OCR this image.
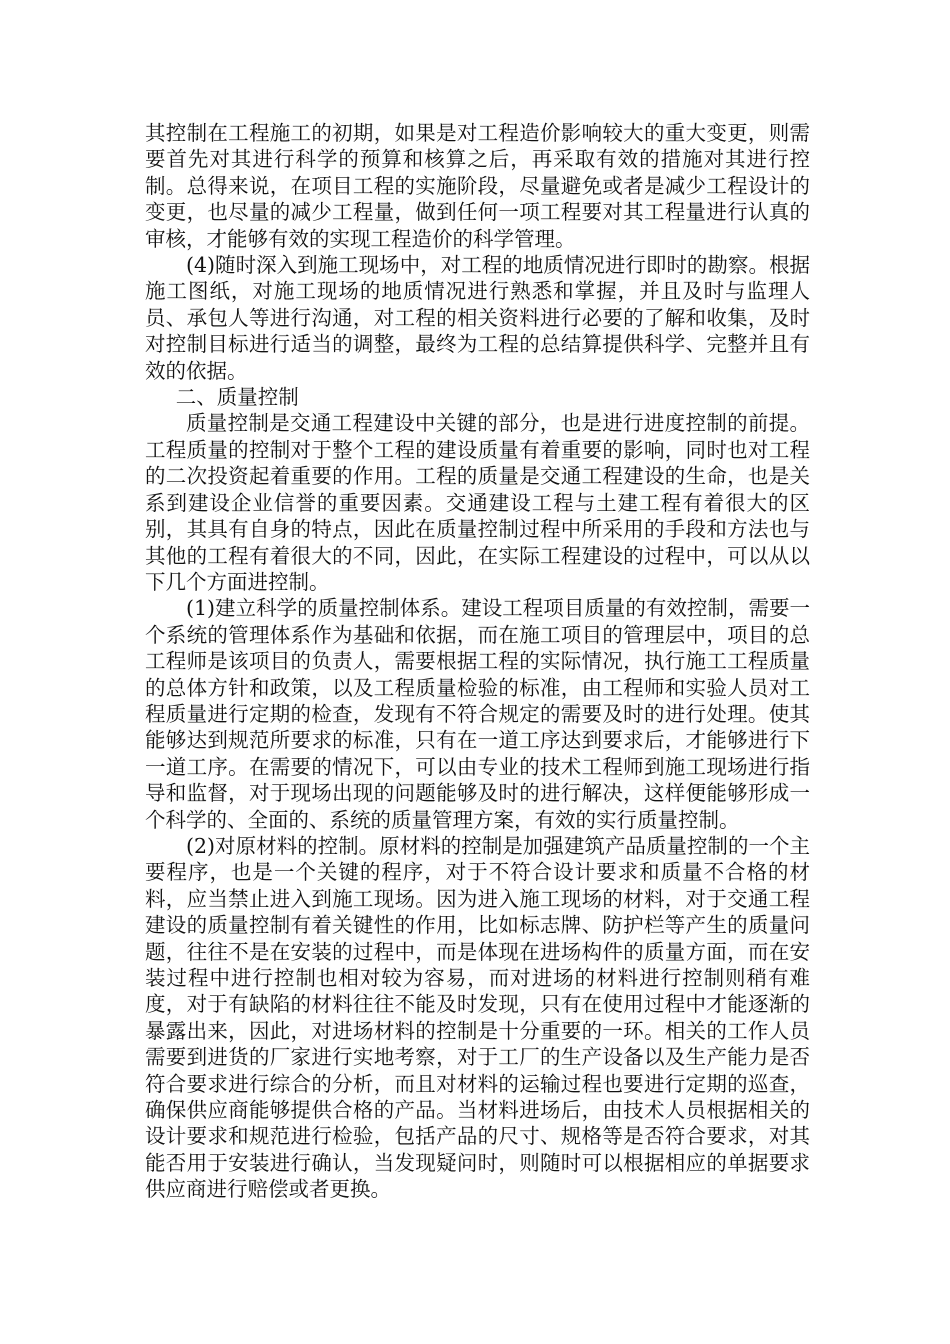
其控制在工程施工的初期，如果是对工程造价影响较大的重大变更，则需要首先对其进行科学的预算和核算之后，再采取有效的措施对其进行控制。总得来说，在项目工程的实施阶段，尽量避免或者是减少工程设计的变更，也尽量的减少工程量，做到任何一项工程要对其工程量进行认真的审核，才能够有效的实现工程造价的科学管理。

(4)随时深入到施工现场中，对工程的地质情况进行即时的勘察。根据施工图纸，对施工现场的地质情况进行熟悉和掌握，并且及时与监理人员、承包人等进行沟通，对工程的相关资料进行必要的了解和收集，及时对控制目标进行适当的调整，最终为工程的总结算提供科学、完整并且有效的依据。

二、质量控制

质量控制是交通工程建设中关键的部分，也是进行进度控制的前提。工程质量的控制对于整个工程的建设质量有着重要的影响，同时也对工程的二次投资起着重要的作用。工程的质量是交通工程建设的生命，也是关系到建设企业信誉的重要因素。交通建设工程与土建工程有着很大的区别，其具有自身的特点，因此在质量控制过程中所采用的手段和方法也与其他的工程有着很大的不同，因此，在实际工程建设的过程中，可以从以下几个方面进控制。

(1)建立科学的质量控制体系。建设工程项目质量的有效控制，需要一个系统的管理体系作为基础和依据，而在施工项目的管理层中，项目的总工程师是该项目的负责人，需要根据工程的实际情况，执行施工工程质量的总体方针和政策，以及工程质量检验的标准，由工程师和实验人员对工程质量进行定期的检查，发现有不符合规定的需要及时的进行处理。使其能够达到规范所要求的标准，只有在一道工序达到要求后，才能够进行下一道工序。在需要的情况下，可以由专业的技术工程师到施工现场进行指导和监督，对于现场出现的问题能够及时的进行解决，这样便能够形成一个科学的、全面的、系统的质量管理方案，有效的实行质量控制。

(2)对原材料的控制。原材料的控制是加强建筑产品质量控制的一个主要程序，也是一个关键的程序，对于不符合设计要求和质量不合格的材料，应当禁止进入到施工现场。因为进入施工现场的材料，对于交通工程建设的质量控制有着关键性的作用，比如标志牌、防护栏等产生的质量问题，往往不是在安装的过程中，而是体现在进场构件的质量方面，而在安装过程中进行控制也相对较为容易，而对进场的材料进行控制则稍有难度，对于有缺陷的材料往往不能及时发现，只有在使用过程中才能逐渐的暴露出来，因此，对进场材料的控制是十分重要的一环。相关的工作人员需要到进货的厂家进行实地考察，对于工厂的生产设备以及生产能力是否符合要求进行综合的分析，而且对材料的运输过程也要进行定期的巡查，确保供应商能够提供合格的产品。当材料进场后，由技术人员根据相关的设计要求和规范进行检验，包括产品的尺寸、规格等是否符合要求，对其能否用于安装进行确认，当发现疑问时，则随时可以根据相应的单据要求供应商进行赔偿或者更换。
